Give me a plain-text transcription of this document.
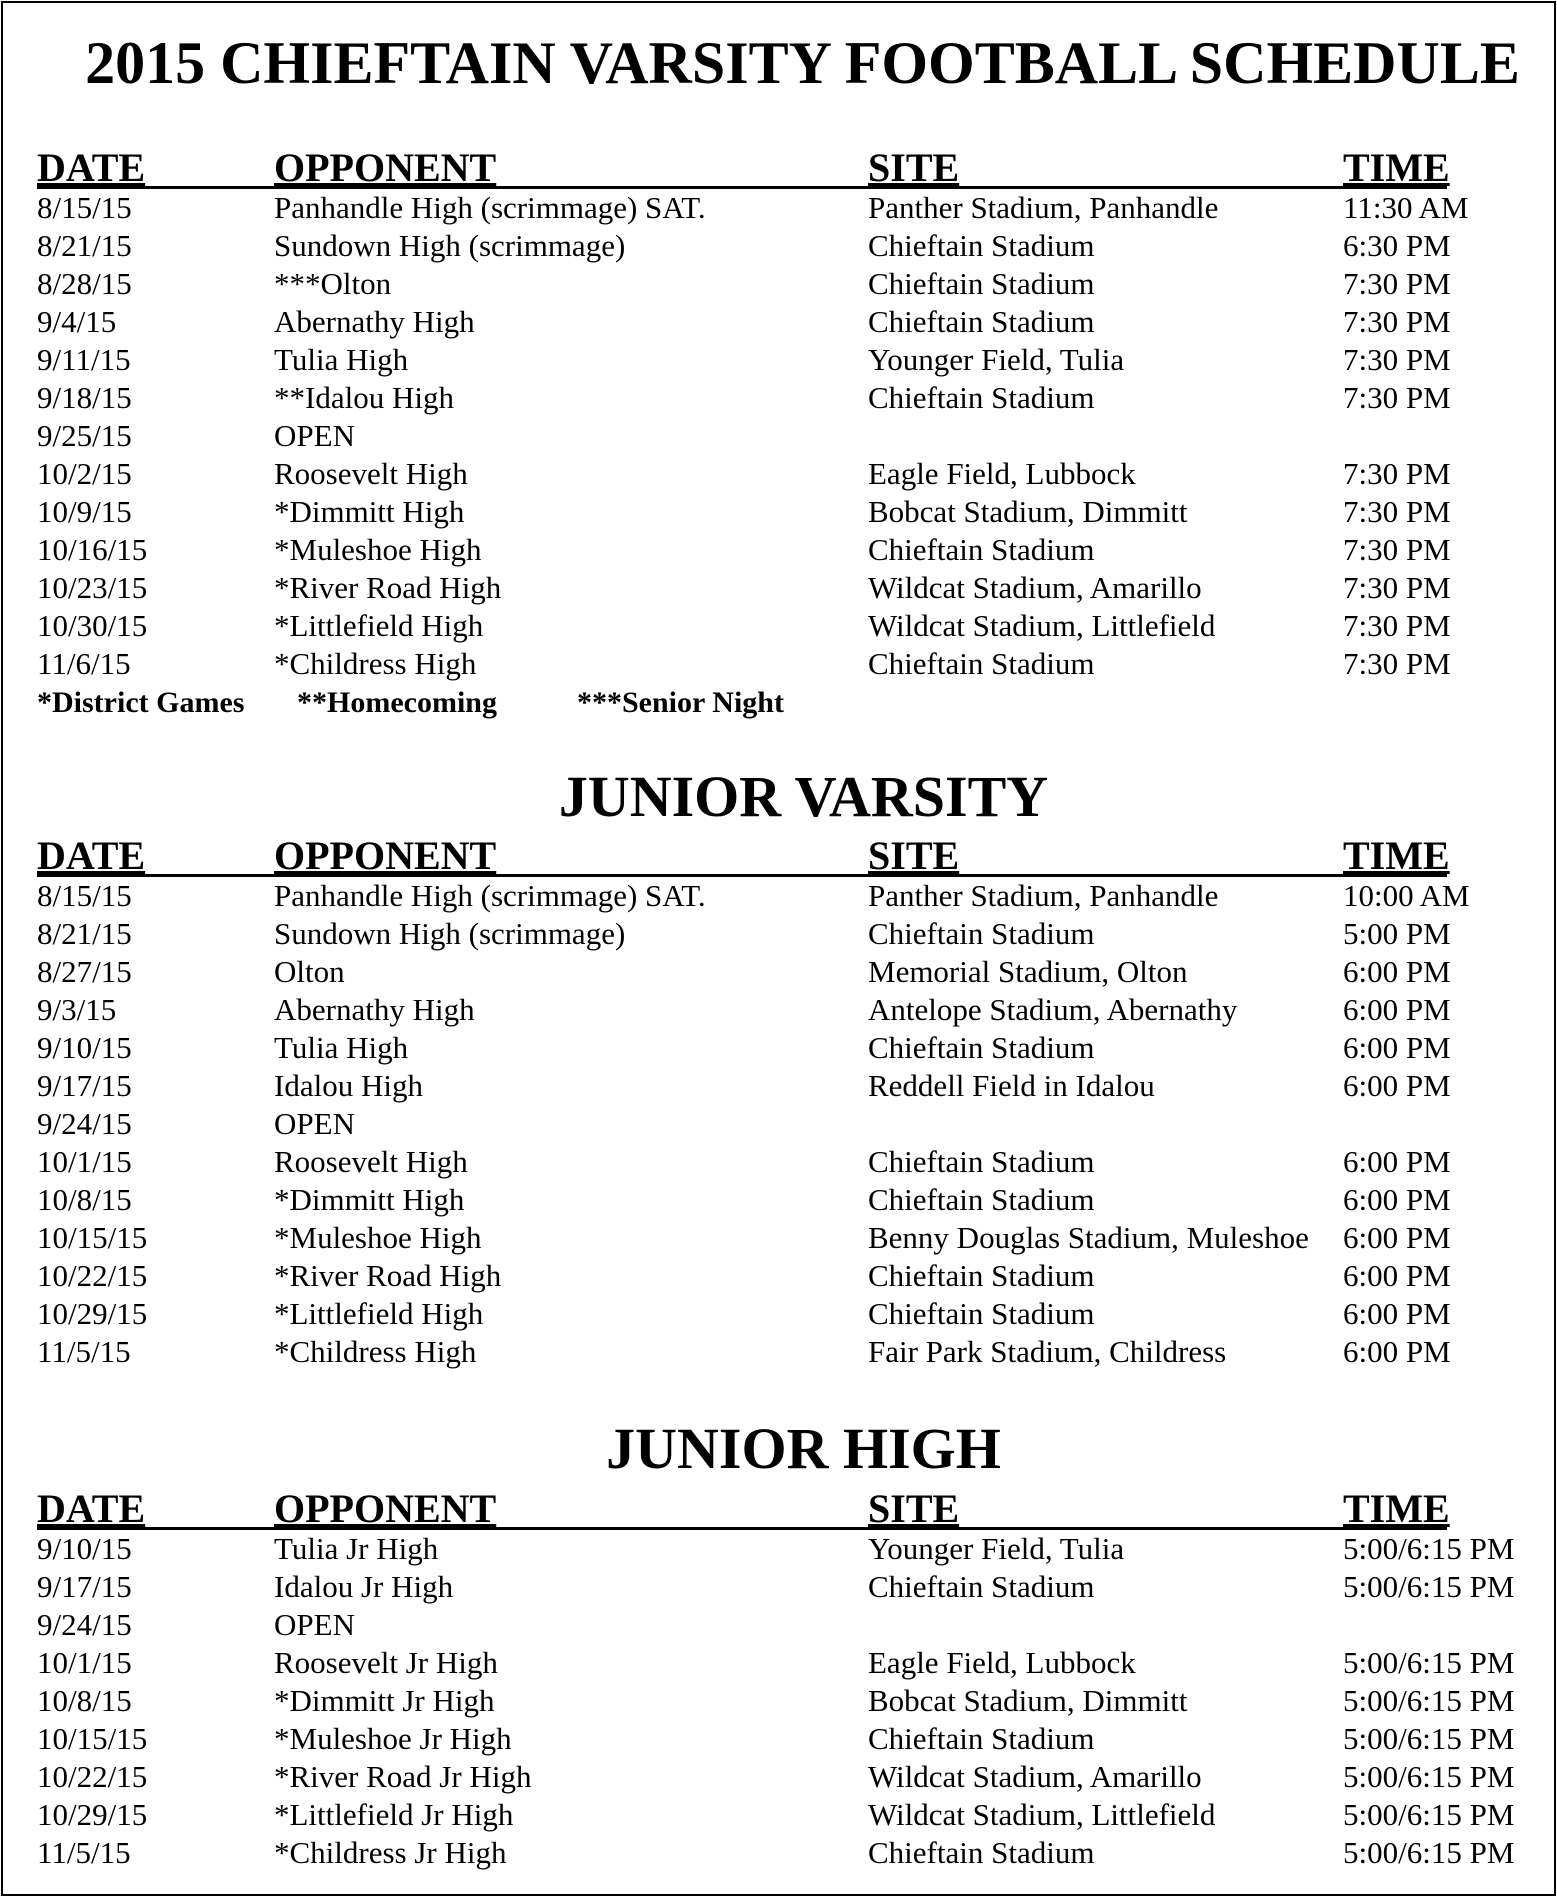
2015 CHIEFTAIN VARSITY FOOTBALL SCHEDULE
DATE	OPPONENT	SITE	TIME
8/15/15	Panhandle High (scrimmage) SAT.	Panther Stadium, Panhandle	11:30 AM
8/21/15	Sundown High (scrimmage)	Chieftain Stadium	6:30 PM
8/28/15	***Olton	Chieftain Stadium	7:30 PM
9/4/15	Abernathy High	Chieftain Stadium	7:30 PM
9/11/15	Tulia High	Younger Field, Tulia	7:30 PM
9/18/15	**Idalou High	Chieftain Stadium	7:30 PM
9/25/15	OPEN
10/2/15	Roosevelt High	Eagle Field, Lubbock	7:30 PM
10/9/15	*Dimmitt High	Bobcat Stadium, Dimmitt	7:30 PM
10/16/15	*Muleshoe High	Chieftain Stadium	7:30 PM
10/23/15	*River Road High	Wildcat Stadium, Amarillo	7:30 PM
10/30/15	*Littlefield High	Wildcat Stadium, Littlefield	7:30 PM
11/6/15	*Childress High	Chieftain Stadium	7:30 PM
*District Games **Homecoming	***Senior Night
JUNIOR VARSITY
DATE	OPPONENT	SITE	TIME
8/15/15	Panhandle High (scrimmage) SAT.	Panther Stadium, Panhandle	10:00 AM
8/21/15	Sundown High (scrimmage)	Chieftain Stadium	5:00 PM
8/27/15	Olton	Memorial Stadium, Olton	6:00 PM
9/3/15	Abernathy High	Antelope Stadium, Abernathy	6:00 PM
9/10/15	Tulia High	Chieftain Stadium	6:00 PM
9/17/15	Idalou High	Reddell Field in Idalou	6:00 PM
9/24/15	OPEN
10/1/15	Roosevelt High	Chieftain Stadium	6:00 PM
10/8/15	*Dimmitt High	Chieftain Stadium	6:00 PM
10/15/15	*Muleshoe High	Benny Douglas Stadium, Muleshoe 6:00 PM
10/22/15	*River Road High	Chieftain Stadium	6:00 PM
10/29/15	*Littlefield High	Chieftain Stadium	6:00 PM
11/5/15	*Childress High	Fair Park Stadium, Childress	6:00 PM
JUNIOR HIGH
DATE	OPPONENT	SITE	TIME
9/10/15	Tulia Jr High	Younger Field, Tulia	5:00/6:15 PM
9/17/15	Idalou Jr High	Chieftain Stadium	5:00/6:15 PM
9/24/15	OPEN
10/1/15	Roosevelt Jr High	Eagle Field, Lubbock	5:00/6:15 PM
10/8/15	*Dimmitt Jr High	Bobcat Stadium, Dimmitt	5:00/6:15 PM
10/15/15	*Muleshoe Jr High	Chieftain Stadium	5:00/6:15 PM
10/22/15	*River Road Jr High	Wildcat Stadium, Amarillo	5:00/6:15 PM
10/29/15	*Littlefield Jr High	Wildcat Stadium, Littlefield	5:00/6:15 PM
11/5/15	*Childress Jr High	Chieftain Stadium	5:00/6:15 PM
